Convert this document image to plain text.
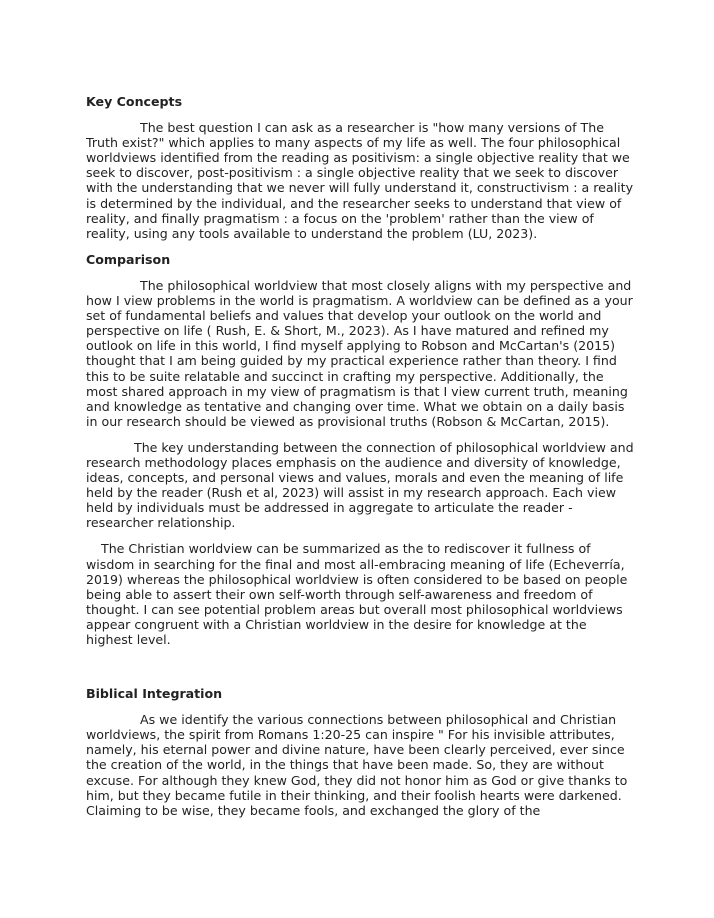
Key Concepts

The best question I can ask as a researcher is "how many versions of The Truth exist?" which applies to many aspects of my life as well. The four philosophical worldviews identified from the reading as positivism: a single objective reality that we seek to discover, post-positivism : a single objective reality that we seek to discover with the understanding that we never will fully understand it, constructivism : a reality is determined by the individual, and the researcher seeks to understand that view of reality, and finally pragmatism : a focus on the 'problem' rather than the view of reality, using any tools available to understand the problem (LU, 2023).

Comparison

The philosophical worldview that most closely aligns with my perspective and how I view problems in the world is pragmatism. A worldview can be defined as a your set of fundamental beliefs and values that develop your outlook on the world and perspective on life ( Rush, E. & Short, M., 2023). As I have matured and refined my outlook on life in this world, I find myself applying to Robson and McCartan's (2015) thought that I am being guided by my practical experience rather than theory. I find this to be suite relatable and succinct in crafting my perspective. Additionally, the most shared approach in my view of pragmatism is that I view current truth, meaning and knowledge as tentative and changing over time. What we obtain on a daily basis in our research should be viewed as provisional truths (Robson & McCartan, 2015).

The key understanding between the connection of philosophical worldview and research methodology places emphasis on the audience and diversity of knowledge, ideas, concepts, and personal views and values, morals and even the meaning of life held by the reader (Rush et al, 2023) will assist in my research approach. Each view held by individuals must be addressed in aggregate to articulate the reader - researcher relationship.

The Christian worldview can be summarized as the to rediscover it fullness of wisdom in searching for the final and most all-embracing meaning of life (Echeverría, 2019) whereas the philosophical worldview is often considered to be based on people being able to assert their own self-worth through self-awareness and freedom of thought. I can see potential problem areas but overall most philosophical worldviews appear congruent with a Christian worldview in the desire for knowledge at the highest level.

Biblical Integration

As we identify the various connections between philosophical and Christian worldviews, the spirit from Romans 1:20-25 can inspire " For his invisible attributes, namely, his eternal power and divine nature, have been clearly perceived, ever since the creation of the world, in the things that have been made. So, they are without excuse. For although they knew God, they did not honor him as God or give thanks to him, but they became futile in their thinking, and their foolish hearts were darkened. Claiming to be wise, they became fools, and exchanged the glory of the
